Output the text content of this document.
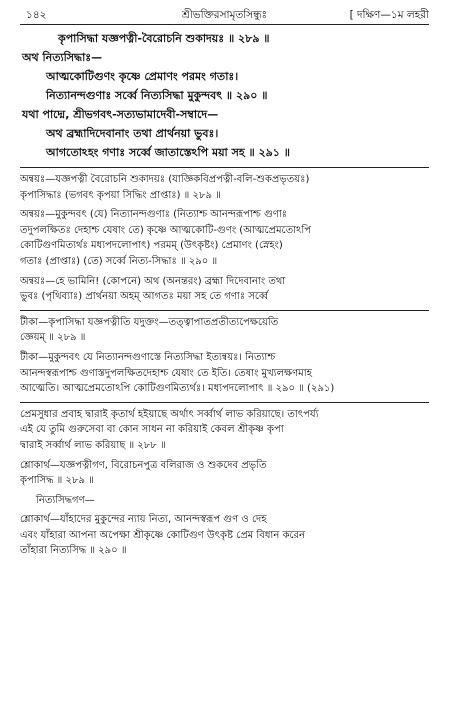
১৪২	শ্রীভক্তিরসামৃতসিন্ধুঃ	[ দক্ষিণ—১ম লহরী
কৃপাসিদ্ধা যজ্ঞপত্নী-বৈরোচনি শুকাদয়ঃ ॥ ২৮৯ ॥
অথ নিত্যসিদ্ধাঃ—
আত্মকোটিগুণং কৃষ্ণে প্রেমাণং পরমং গতাঃ।
নিত্যানন্দগুণাঃ সর্ব্বে নিত্যসিদ্ধা মুকুন্দবৎ ॥ ২৯০ ॥
যথা পাদ্মে, শ্রীভগবৎ-সত্যভামাদেবী-সম্বাদে—
অথ ব্রহ্মাদিদেবানাং তথা প্রার্থনয়া ভুবঃ।
আগতোঽহং গণাঃ সর্ব্বে জাতাস্তেঽপি ময়া সহ ॥ ২৯১ ॥
অন্বয়ঃ—যজ্ঞপত্নী বৈরোচনি শুকাদয়ঃ (যাজ্ঞিকবিপ্রপত্নী-বলি-শুকপ্রভৃতয়ঃ)
কৃপাসিদ্ধাঃ (ভগবৎ কৃপয়া সিদ্ধিং প্রাপ্তাঃ) ॥ ২৮৯ ॥
অন্বয়ঃ—মুকুন্দবৎ (যে) নিত্যানন্দগুণাঃ (নিত্যাশ্চ আনন্দরূপাশ্চ গুণাঃ
তদুপলক্ষিতঃ দেহাশ্চ যেষাং তে) কৃষ্ণে আত্মকোটি-গুণং (আত্মপ্রেমতোঽপি
কোটিগুণমিত্যর্থঃ মধ্যপদলোপাৎ) পরমম্ (উৎকৃষ্টং) প্রেমাণং (স্নেহং)
গতাঃ (প্রাপ্তাঃ) (তে) সর্ব্বে নিত্য-সিদ্ধাঃ ॥ ২৯০ ॥
অন্বয়ঃ—হে ভামিনি! (কোপনে) অথ (অনন্তরং) ব্রহ্মা দিদেবানাং তথা
ভুবঃ (পৃথিব্যাঃ) প্রার্থনয়া অহম্ আগতঃ ময়া সহ তে গণাঃ সর্ব্বে
টীকা—কৃপাসিদ্ধা যজ্ঞপত্নীতি যদুক্তং—তত্ত্বাপাতপ্রতীত্যপেক্ষয়েতি
জ্ঞেয়ম্ ॥ ২৮৯ ॥
টীকা—মুকুন্দবৎ যে নিত্যানন্দগুণাস্তে নিত্যসিদ্ধা ইত্যন্বয়ঃ। নিত্যাশ্চ
আনন্দস্বরূপাশ্চ গুণাস্তদুপলক্ষিতদেহাশ্চ যেষাং তে ইতি। তেষাং মুখ্যলক্ষণমাহ
আত্মেতি। আত্মপ্রেমতোঽপি কোটিগুণমিত্যর্থঃ। মধ্যপদলোপাৎ ॥ ২৯০ ॥ (২৯১)
প্রেমসুধার প্রবাহ দ্বারাই কৃতার্থ হইয়াছে অর্থাৎ সর্ব্বার্থ লাভ করিয়াছে। তাৎপর্য্য
এই যে তুমি গুরুসেবা বা কোন সাধন না করিয়াই কেবল শ্রীকৃষ্ণ কৃপা
দ্বারাই সর্ব্বার্থ লাভ করিয়াছ ॥ ২৮৮ ॥
শ্লোকার্থ—যজ্ঞপত্নীগণ, বিরোচনপুত্র বলিরাজ ও শুকদেব প্রভৃতি
কৃপাসিদ্ধ ॥ ২৮৯ ॥
নিত্যসিদ্ধগণ—
শ্লোকার্থ—যাঁহাদের মুকুন্দের ন্যায় নিত্য, আনন্দস্বরূপ গুণ ও দেহ
এবং যাঁহারা আপনা অপেক্ষা শ্রীকৃষ্ণে কোটিগুণ উৎকৃষ্ট প্রেম বিধান করেন
তাঁহারা নিত্যসিদ্ধ ॥ ২৯০ ॥
